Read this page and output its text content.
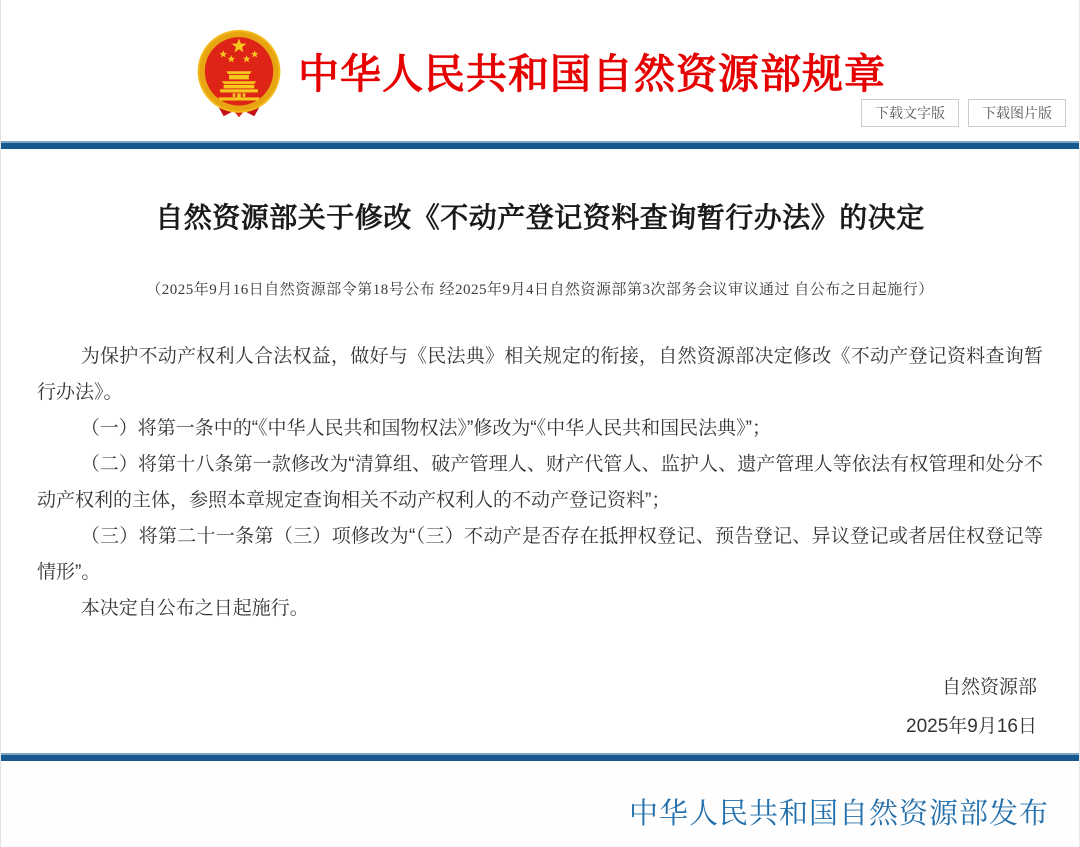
中华人民共和国自然资源部规章
下载文字版	下载图片版
自然资源部关于修改《不动产登记资料查询暂行办法》的决定
（2025年9月16日自然资源部令第18号公布 经2025年9月4日自然资源部第3次部务会议审议通过 自公布之日起施行）

为保护不动产权利人合法权益，做好与《民法典》相关规定的衔接，自然资源部决定修改《不动产登记资料查询暂行办法》。

（一）将第一条中的“《中华人民共和国物权法》”修改为“《中华人民共和国民法典》”；

（二）将第十八条第一款修改为“清算组、破产管理人、财产代管人、监护人、遗产管理人等依法有权管理和处分不动产权利的主体，参照本章规定查询相关不动产权利人的不动产登记资料”；

（三）将第二十一条第（三）项修改为“（三）不动产是否存在抵押权登记、预告登记、异议登记或者居住权登记等情形”。

本决定自公布之日起施行。

自然资源部
2025年9月16日
中华人民共和国自然资源部发布
